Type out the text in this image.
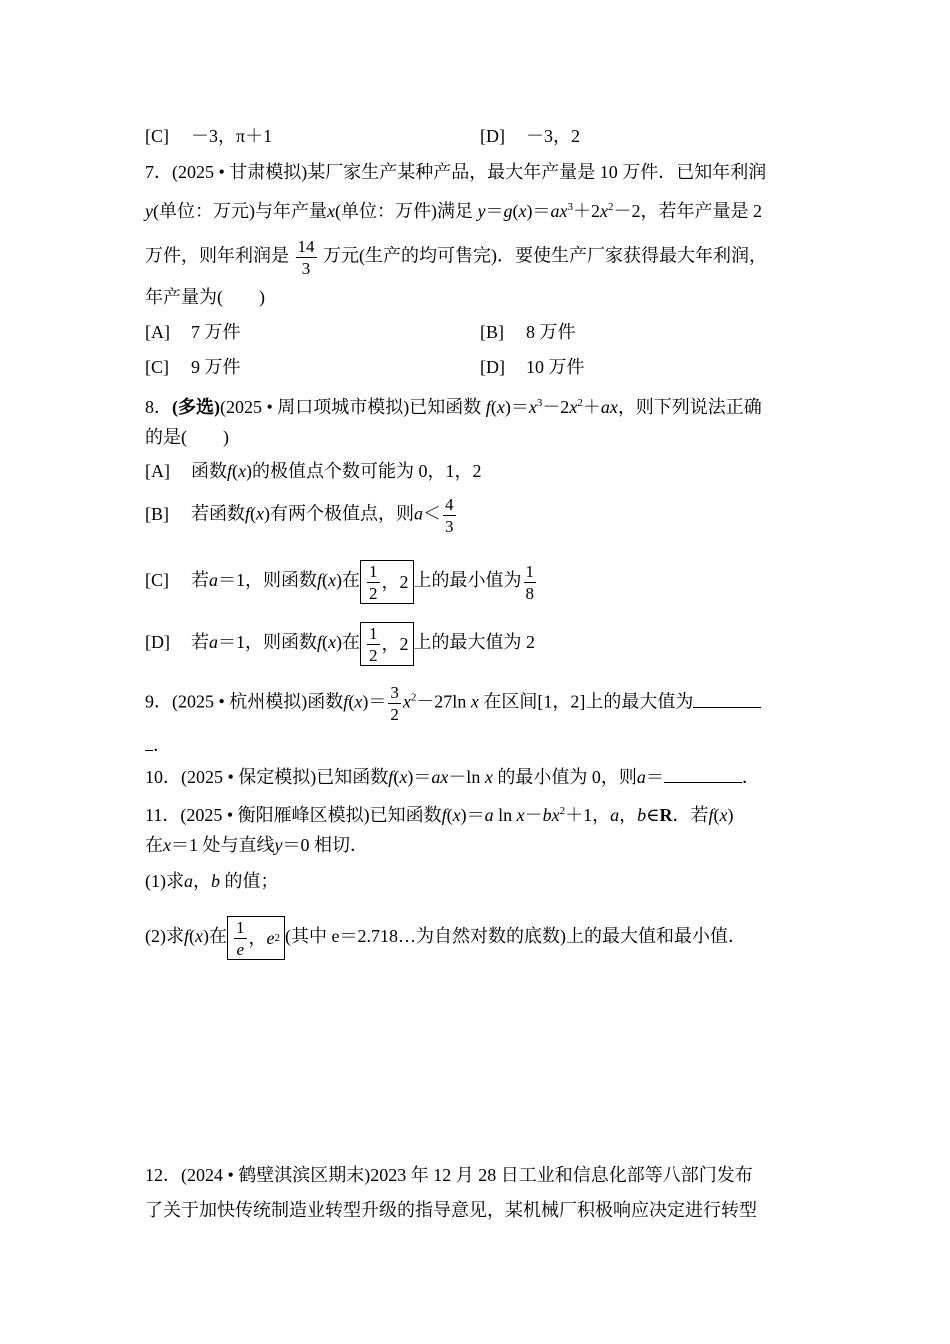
[C] －3，π＋1	[D] －3，2
7．(2025 • 甘肃模拟)某厂家生产某种产品，最大年产量是 10 万件．已知年利润
y(单位：万元)与年产量x(单位：万件)满足 $y=g(x)=ax^3+2x^2-2$，若年产量是 2
万件，则年利润是 $\frac{14}{3}$ 万元(生产的均可售完)．要使生产厂家获得最大年利润，
年产量为(　　)
[A] 7 万件	[B] 8 万件
[C] 9 万件	[D] 10 万件
8．(多选)(2025 • 周口项城市模拟)已知函数 $f(x)=x^3-2x^2+ax$，则下列说法正确
的是(　　)
[A] 函数f(x)的极值点个数可能为 0，1，2
[B] 若函数f(x)有两个极值点，则$a< \frac{4}{3}$
[C] 若a＝1，则函数f(x)在 $\frac{1}{2}$ ，2 上的最小值为 $\frac{1}{8}$
[D] 若a＝1，则函数f(x)在 $\frac{1}{2}$ ，2 上的最大值为 2
9．(2025 • 杭州模拟)函数$f(x)= \frac{3}{2} x^2-27\ln$ x 在区间[1，2]上的最大值为
．
10．(2025 • 保定模拟)已知函数f(x)＝ax－ln x 的最小值为 0，则a＝	．
11．(2025 • 衡阳雁峰区模拟)已知函数f(x)＝a $\ln x-bx^2+1$，a，b∈R．若f(x)
在x＝1 处与直线y＝0 相切．
(1)求a，b 的值；
(2)求f(x)在 $\frac{1}{e}$ ， e 2 (其中 e＝2.718…为自然对数的底数)上的最大值和最小值．
12．(2024 • 鹤壁淇滨区期末)2023 年 12 月 28 日工业和信息化部等八部门发布
了关于加快传统制造业转型升级的指导意见，某机械厂积极响应决定进行转型
